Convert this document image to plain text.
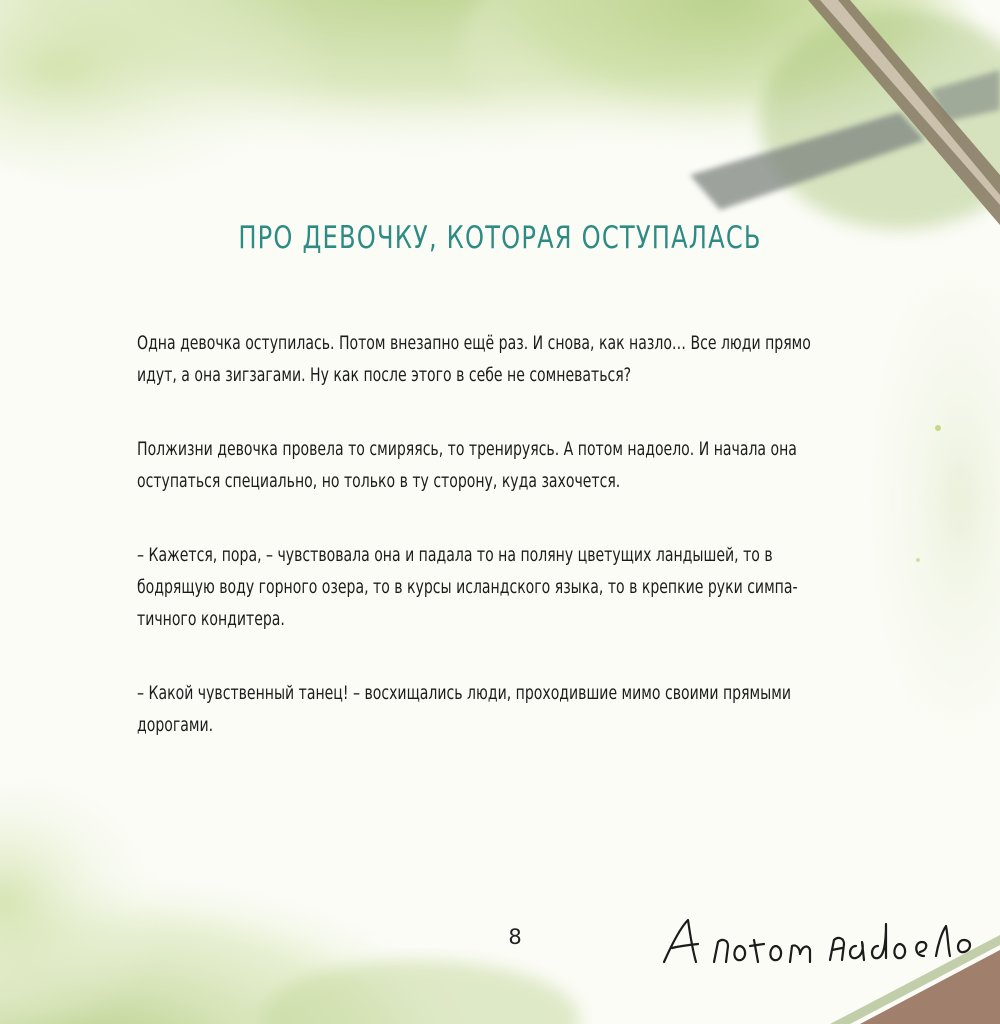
ПРО ДЕВОЧКУ, КОТОРАЯ ОСТУПАЛАСЬ

Одна девочка оступилась. Потом внезапно ещё раз. И снова, как назло… Все люди прямо
идут, а она зигзагами. Ну как после этого в себе не сомневаться?

Полжизни девочка провела то смиряясь, то тренируясь. А потом надоело. И начала она
оступаться специально, но только в ту сторону, куда захочется.

– Кажется, пора, – чувствовала она и падала то на поляну цветущих ландышей, то в
бодрящую воду горного озера, то в курсы исландского языка, то в крепкие руки симпа-
тичного кондитера.

– Какой чувственный танец! – восхищались люди, проходившие мимо своими прямыми
дорогами.

8
